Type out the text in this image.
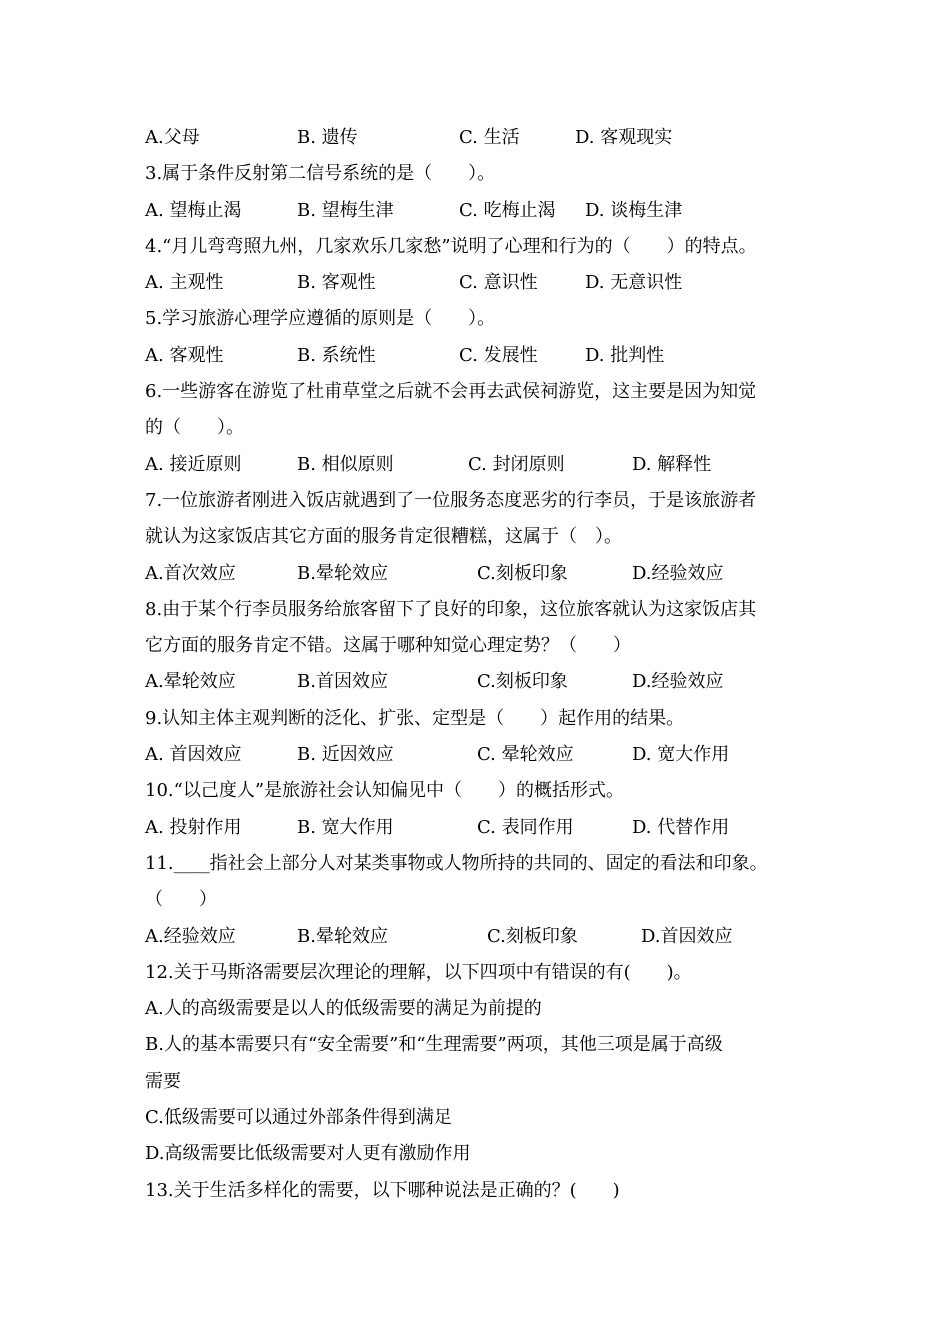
A.父母	B. 遗传	C. 生活	D. 客观现实
3.属于条件反射第二信号系统的是（　　）。
A. 望梅止渴	B. 望梅生津	C. 吃梅止渴 D. 谈梅生津
4.“月儿弯弯照九州，几家欢乐几家愁”说明了心理和行为的（　　）的特点。
A. 主观性	B. 客观性	C. 意识性	D. 无意识性
5.学习旅游心理学应遵循的原则是（　　）。
A. 客观性	B. 系统性	C. 发展性	D. 批判性
6.一些游客在游览了杜甫草堂之后就不会再去武侯祠游览，这主要是因为知觉
的（　　）。
A. 接近原则	B. 相似原则	C. 封闭原则	D. 解释性
7.一位旅游者刚进入饭店就遇到了一位服务态度恶劣的行李员，于是该旅游者
就认为这家饭店其它方面的服务肯定很糟糕，这属于（　）。
A.首次效应	B.晕轮效应	C.刻板印象	D.经验效应
8.由于某个行李员服务给旅客留下了良好的印象，这位旅客就认为这家饭店其
它方面的服务肯定不错。这属于哪种知觉心理定势？（　　）
A.晕轮效应	B.首因效应	C.刻板印象	D.经验效应
9.认知主体主观判断的泛化、扩张、定型是（　　）起作用的结果。
A. 首因效应	B. 近因效应	C. 晕轮效应	D. 宽大作用
10.“以己度人”是旅游社会认知偏见中（　　）的概括形式。
A. 投射作用	B. 宽大作用	C. 表同作用	D. 代替作用
11.____指社会上部分人对某类事物或人物所持的共同的、固定的看法和印象。
（　　）
A.经验效应	B.晕轮效应	C.刻板印象	D.首因效应
12.关于马斯洛需要层次理论的理解，以下四项中有错误的有(　　)。
A.人的高级需要是以人的低级需要的满足为前提的
B.人的基本需要只有“安全需要”和“生理需要”两项，其他三项是属于高级
需要
C.低级需要可以通过外部条件得到满足
D.高级需要比低级需要对人更有激励作用
13.关于生活多样化的需要，以下哪种说法是正确的？(　　)
